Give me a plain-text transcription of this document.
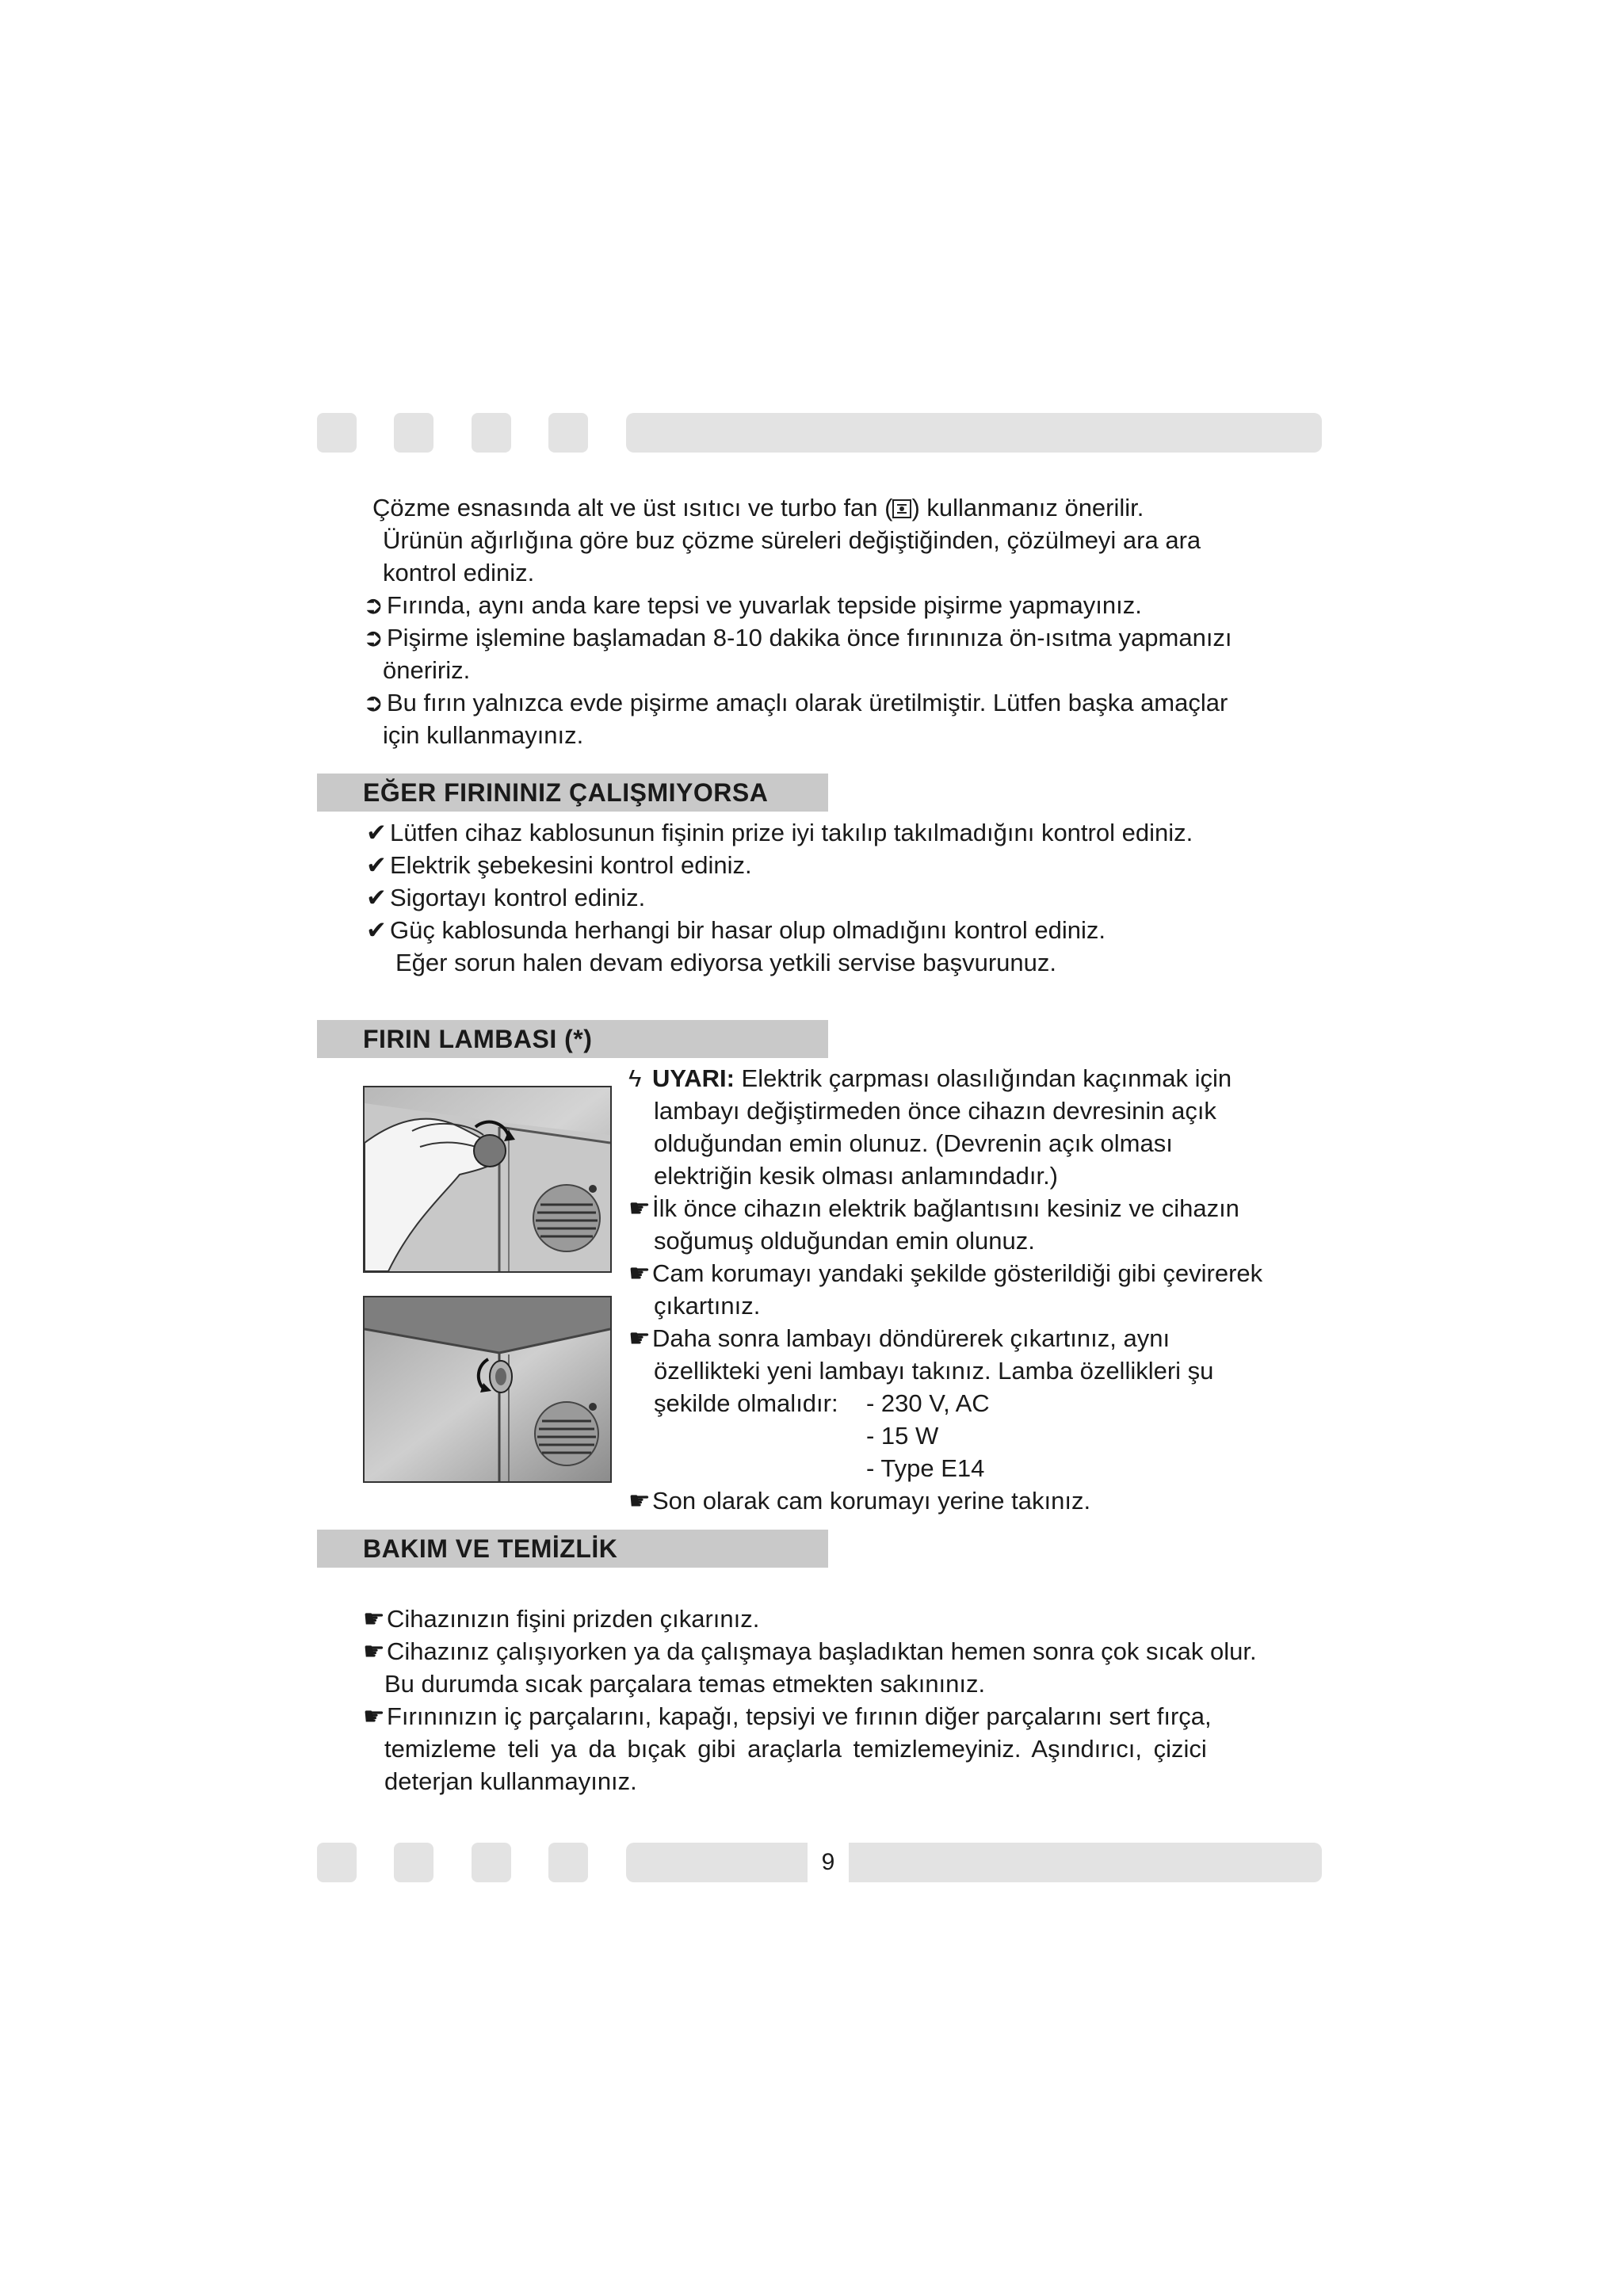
Çözme esnasında alt ve üst ısıtıcı ve turbo fan ( ) kullanmanız önerilir.
Ürünün ağırlığına göre buz çözme süreleri değiştiğinden, çözülmeyi ara ara
kontrol ediniz.
➲ Fırında, aynı anda kare tepsi ve yuvarlak tepside pişirme yapmayınız.
➲ Pişirme işlemine başlamadan 8-10 dakika önce fırınınıza ön-ısıtma yapmanızı
öneririz.
➲ Bu fırın yalnızca evde pişirme amaçlı olarak üretilmiştir. Lütfen başka amaçlar
için kullanmayınız.
EĞER FIRININIZ ÇALIŞMIYORSA
✔ Lütfen cihaz kablosunun fişinin prize iyi takılıp takılmadığını kontrol ediniz.
✔ Elektrik şebekesini kontrol ediniz.
✔ Sigortayı kontrol ediniz.
✔ Güç kablosunda herhangi bir hasar olup olmadığını kontrol ediniz.
Eğer sorun halen devam ediyorsa yetkili servise başvurunuz.
FIRIN LAMBASI (*)
ϟ UYARI: Elektrik çarpması olasılığından kaçınmak için
lambayı değiştirmeden önce cihazın devresinin açık
olduğundan emin olunuz. (Devrenin açık olması
elektriğin kesik olması anlamındadır.)
☛İlk önce cihazın elektrik bağlantısını kesiniz ve cihazın
soğumuş olduğundan emin olunuz.
☛Cam korumayı yandaki şekilde gösterildiği gibi çevirerek
çıkartınız.
☛Daha sonra lambayı döndürerek çıkartınız, aynı
özellikteki yeni lambayı takınız. Lamba özellikleri şu
şekilde olmalıdır: - 230 V, AC
- 15 W
- Type E14
☛Son olarak cam korumayı yerine takınız.
BAKIM VE TEMİZLİK
☛Cihazınızın fişini prizden çıkarınız.
☛Cihazınız çalışıyorken ya da çalışmaya başladıktan hemen sonra çok sıcak olur.
Bu durumda sıcak parçalara temas etmekten sakınınız.
☛Fırınınızın iç parçalarını, kapağı, tepsiyi ve fırının diğer parçalarını sert fırça,
temizleme teli ya da bıçak gibi araçlarla temizlemeyiniz. Aşındırıcı, çizici
deterjan kullanmayınız.
9
